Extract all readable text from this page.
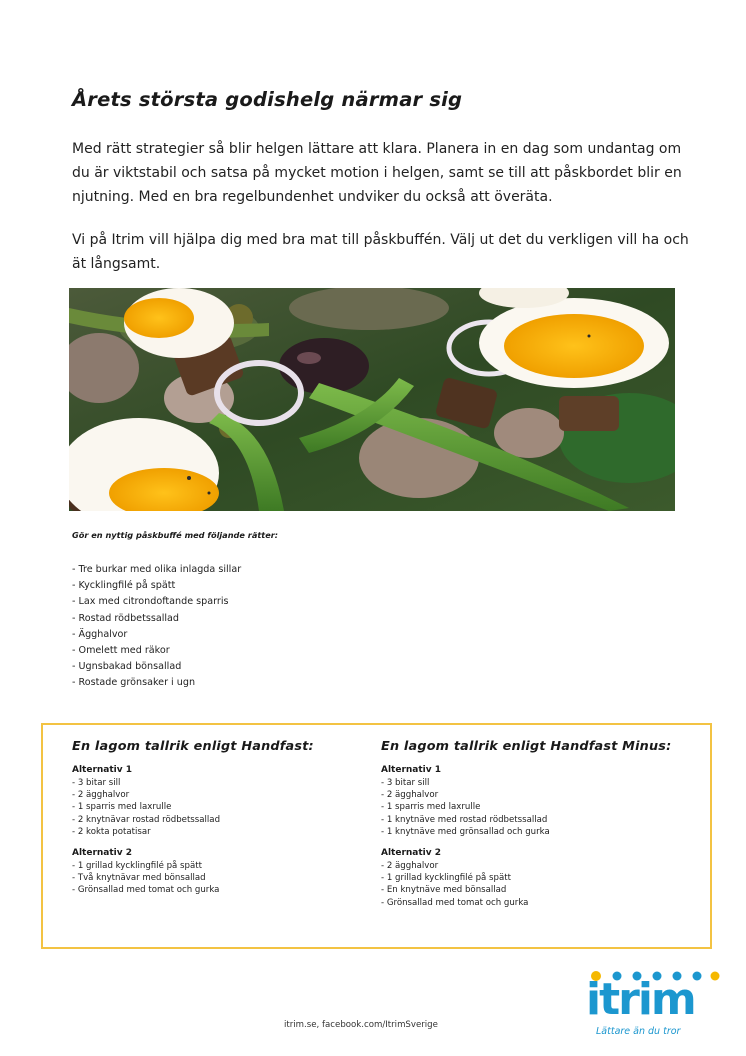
Årets största godishelg närmar sig

Med rätt strategier så blir helgen lättare att klara. Planera in en dag som undantag om du är viktstabil och satsa på mycket motion i helgen, samt se till att påskbordet blir en njutning. Med en bra regelbundenhet undviker du också att överäta.

Vi på Itrim vill hjälpa dig med bra mat till påskbuffén. Välj ut det du verkligen vill ha och ät långsamt.

Gör en nyttig påskbuffé med följande rätter:

- Tre burkar med olika inlagda sillar
- Kycklingfilé på spätt
- Lax med citrondoftande sparris
- Rostad rödbetssallad
- Ägghalvor
- Omelett med räkor
- Ugnsbakad bönsallad
- Rostade grönsaker i ugn
En lagom tallrik enligt Handfast:

Alternativ 1

- 3 bitar sill
- 2 ägghalvor
- 1 sparris med laxrulle
- 2 knytnävar rostad rödbetssallad
- 2 kokta potatisar

Alternativ 2

- 1 grillad kycklingfilé på spätt
- Två knytnävar med bönsallad
- Grönsallad med tomat och gurka
En lagom tallrik enligt Handfast Minus:

Alternativ 1

- 3 bitar sill
- 2 ägghalvor
- 1 sparris med laxrulle
- 1 knytnäve med rostad rödbetssallad
- 1 knytnäve med grönsallad och gurka

Alternativ 2

- 2 ägghalvor
- 1 grillad kycklingfilé på spätt
- En knytnäve med bönsallad
- Grönsallad med tomat och gurka

itrim.se, facebook.com/ItrimSverige	itrim
Lättare än du tror
